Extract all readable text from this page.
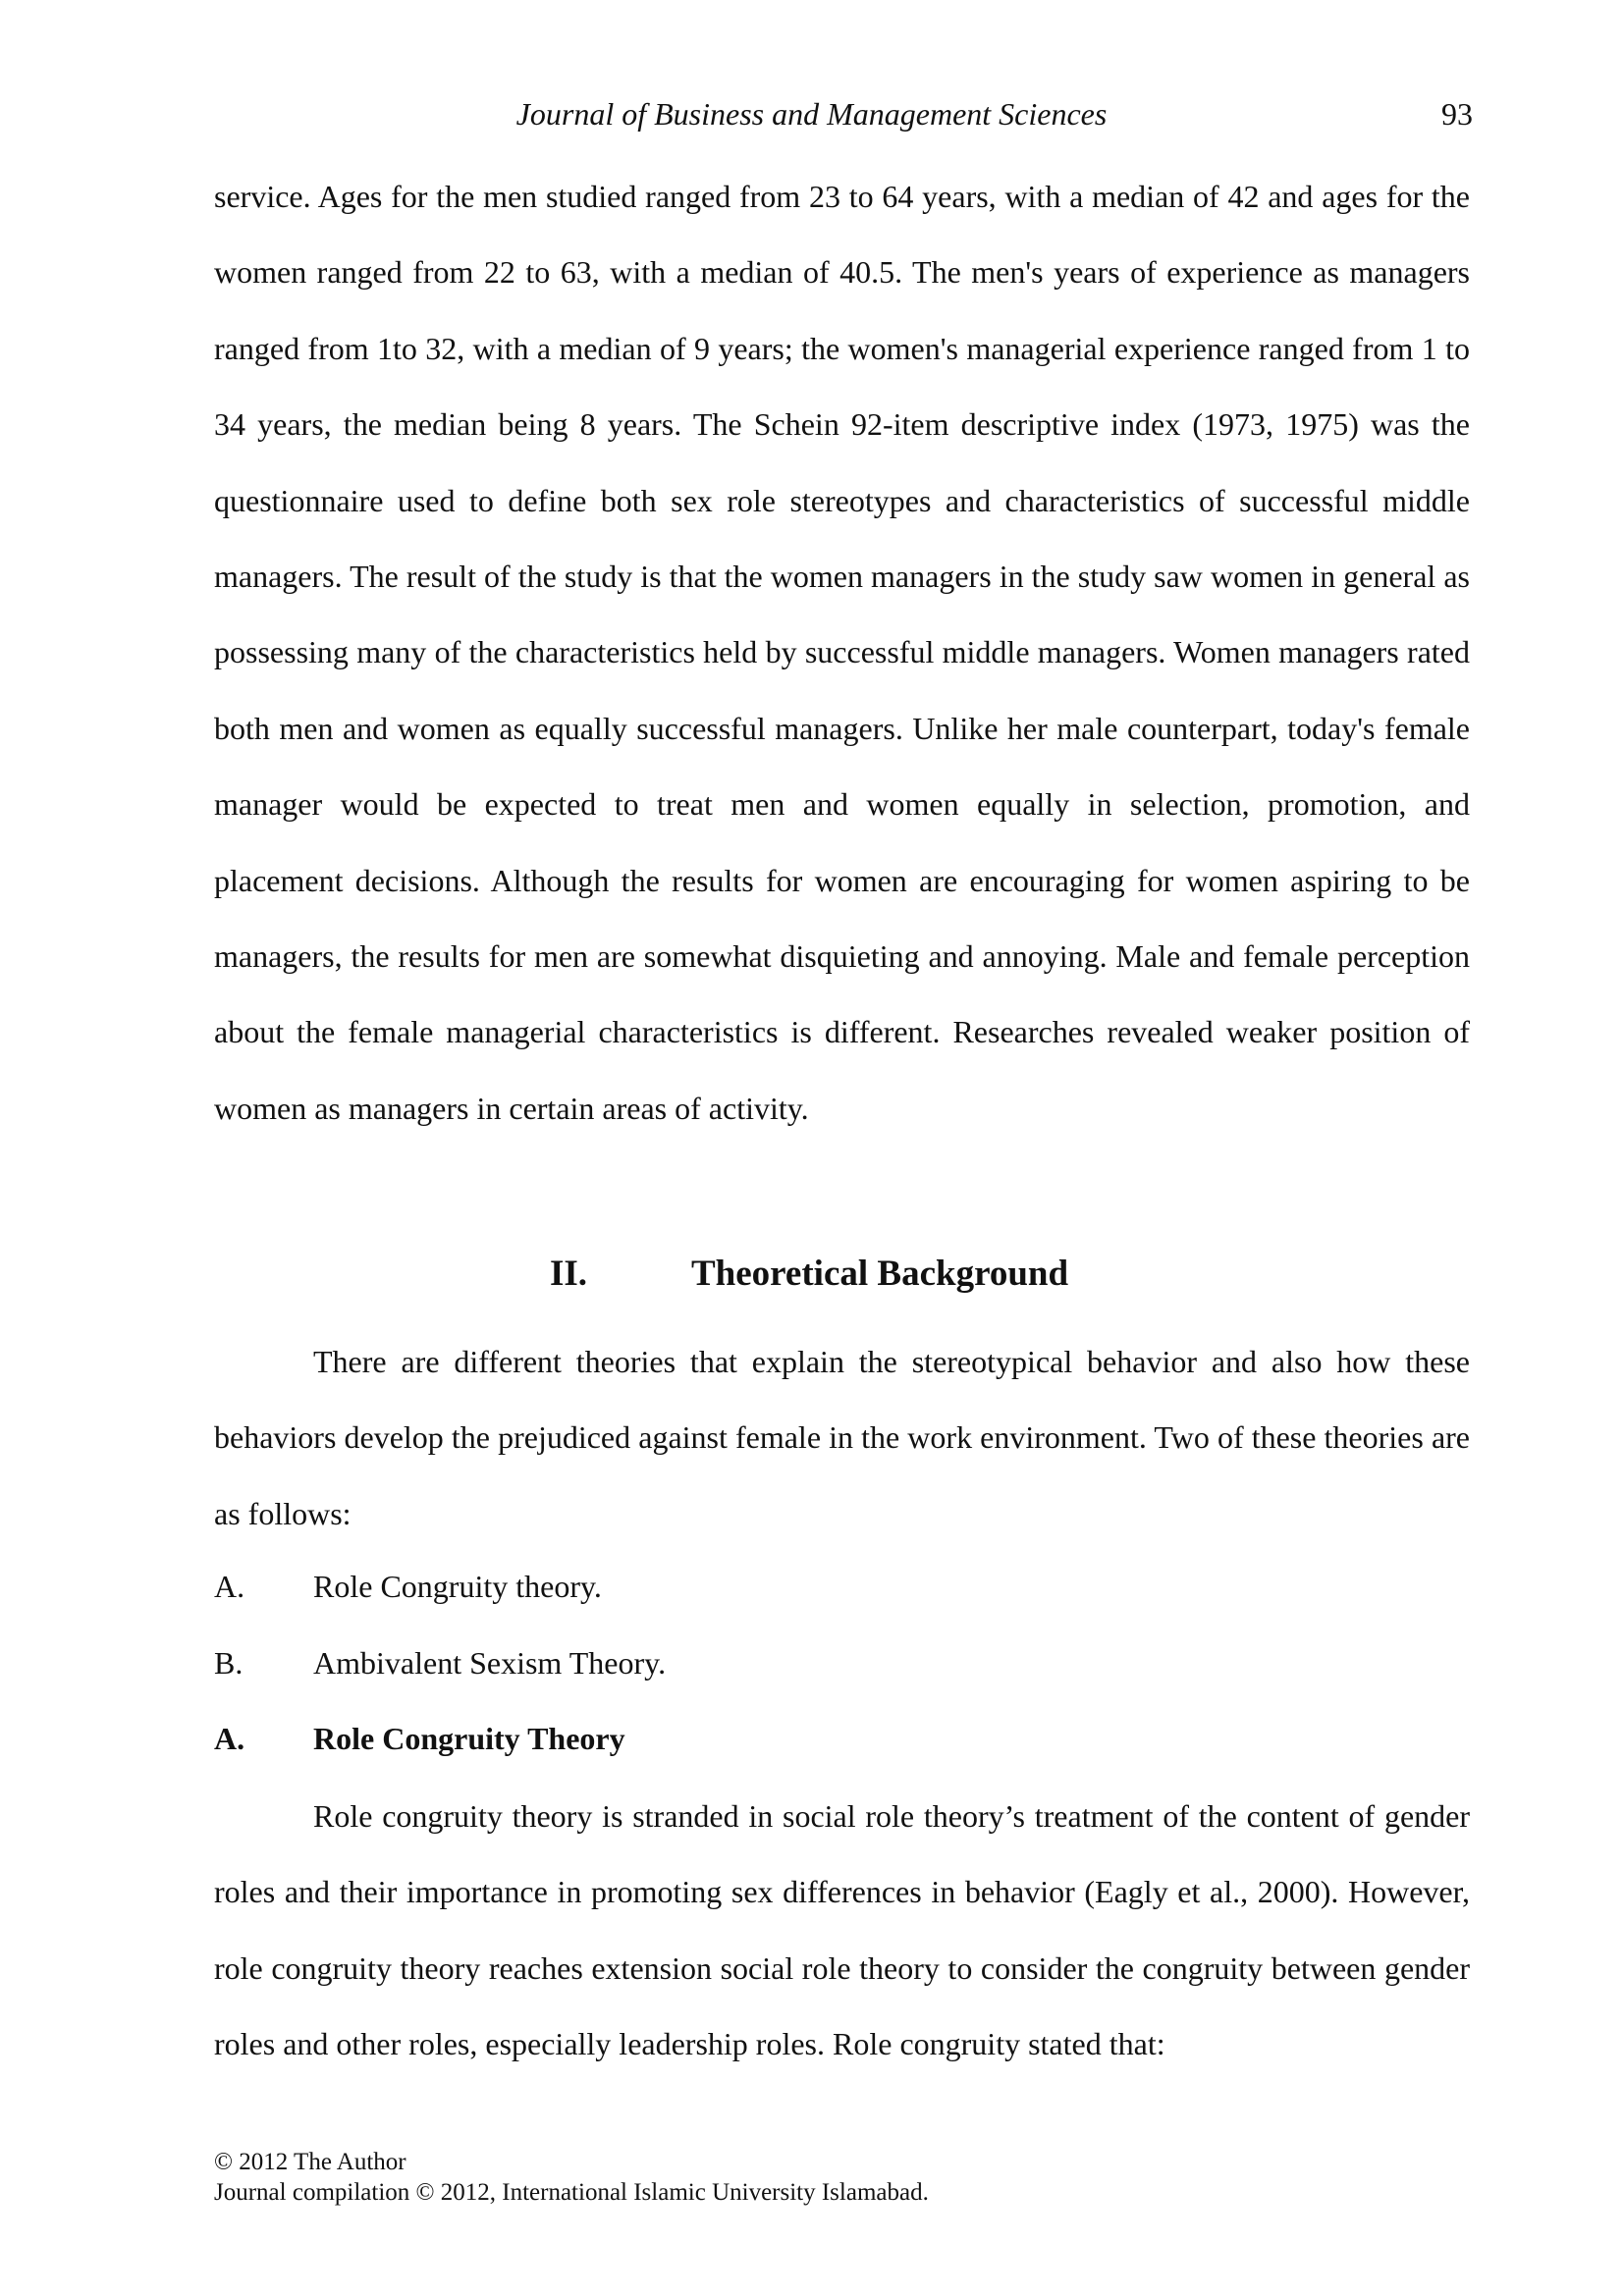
Journal of Business and Management Sciences	93

service. Ages for the men studied ranged from 23 to 64 years, with a median of 42 and ages for the women ranged from 22 to 63, with a median of 40.5. The men's years of experience as managers ranged from 1to 32, with a median of 9 years; the women's managerial experience ranged from 1 to 34 years, the median being 8 years. The Schein 92-item descriptive index (1973, 1975) was the questionnaire used to define both sex role stereotypes and characteristics of successful middle managers. The result of the study is that the women managers in the study saw women in general as possessing many of the characteristics held by successful middle managers. Women managers rated both men and women as equally successful managers. Unlike her male counterpart, today's female manager would be expected to treat men and women equally in selection, promotion, and placement decisions. Although the results for women are encouraging for women aspiring to be managers, the results for men are somewhat disquieting and annoying. Male and female perception about the female managerial characteristics is different. Researches revealed weaker position of women as managers in certain areas of activity.

II.	Theoretical Background

There are different theories that explain the stereotypical behavior and also how these behaviors develop the prejudiced against female in the work environment. Two of these theories are as follows:

A. Role Congruity theory.
B. Ambivalent Sexism Theory.
A. Role Congruity Theory

Role congruity theory is stranded in social role theory’s treatment of the content of gender roles and their importance in promoting sex differences in behavior (Eagly et al., 2000). However, role congruity theory reaches extension social role theory to consider the congruity between gender roles and other roles, especially leadership roles. Role congruity stated that:

© 2012 The Author
Journal compilation © 2012, International Islamic University Islamabad.
